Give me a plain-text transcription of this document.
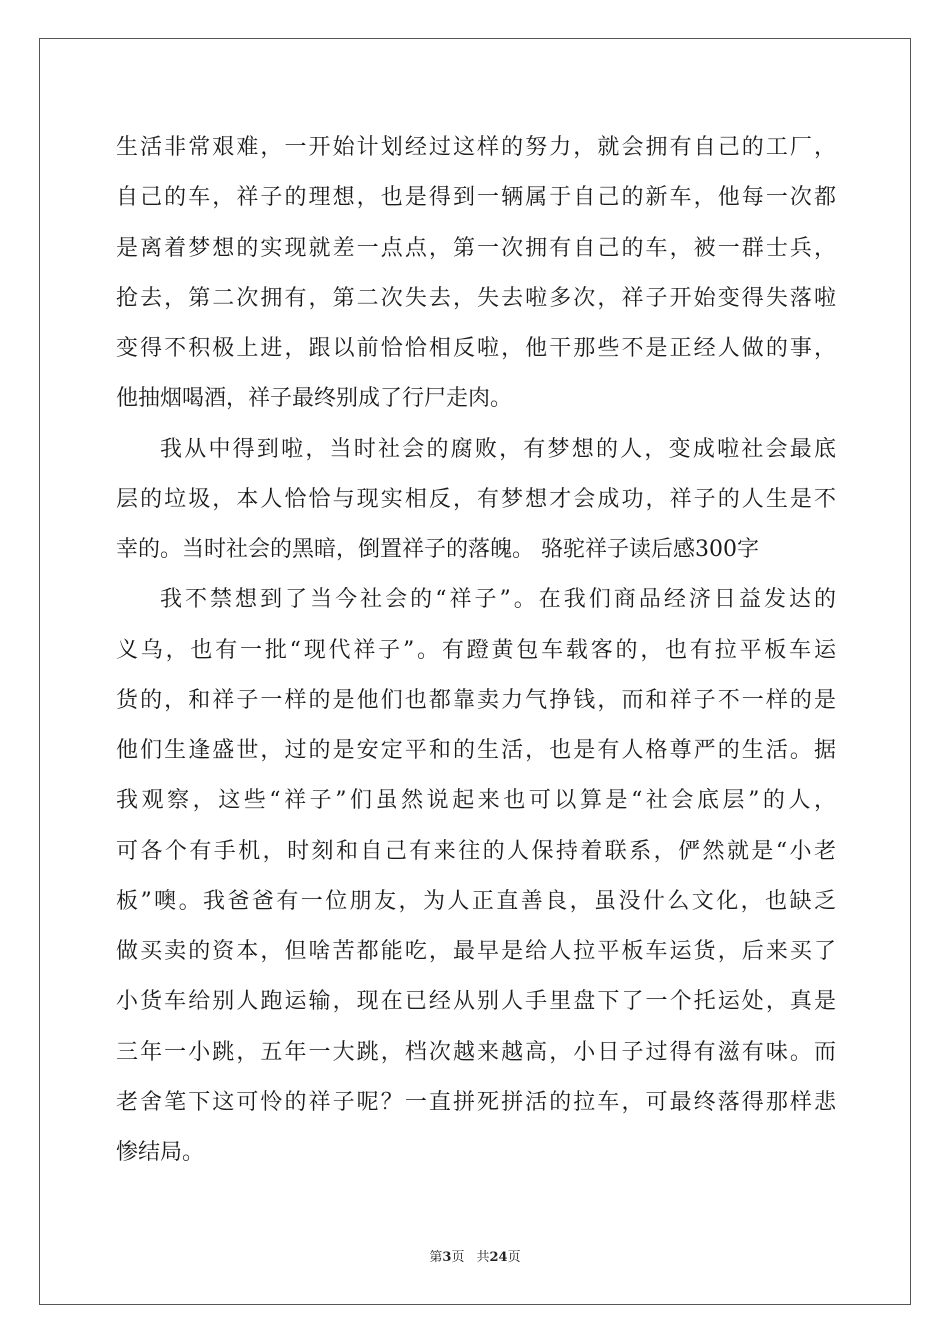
生活非常艰难，一开始计划经过这样的努力，就会拥有自己的工厂，
自己的车，祥子的理想，也是得到一辆属于自己的新车，他每一次都
是离着梦想的实现就差一点点，第一次拥有自己的车，被一群士兵，
抢去，第二次拥有，第二次失去，失去啦多次，祥子开始变得失落啦
变得不积极上进，跟以前恰恰相反啦，他干那些不是正经人做的事，
他抽烟喝酒，祥子最终别成了行尸走肉。
我从中得到啦，当时社会的腐败，有梦想的人，变成啦社会最底
层的垃圾，本人恰恰与现实相反，有梦想才会成功，祥子的人生是不
幸的。当时社会的黑暗，倒置祥子的落魄。 骆驼祥子读后感300字
我不禁想到了当今社会的“祥子”。在我们商品经济日益发达的
义乌，也有一批“现代祥子”。有蹬黄包车载客的，也有拉平板车运
货的，和祥子一样的是他们也都靠卖力气挣钱，而和祥子不一样的是
他们生逢盛世，过的是安定平和的生活，也是有人格尊严的生活。据
我观察，这些“祥子”们虽然说起来也可以算是“社会底层”的人，
可各个有手机，时刻和自己有来往的人保持着联系，俨然就是“小老
板”噢。我爸爸有一位朋友，为人正直善良，虽没什么文化，也缺乏
做买卖的资本，但啥苦都能吃，最早是给人拉平板车运货，后来买了
小货车给别人跑运输，现在已经从别人手里盘下了一个托运处，真是
三年一小跳，五年一大跳，档次越来越高，小日子过得有滋有味。而
老舍笔下这可怜的祥子呢？一直拼死拼活的拉车，可最终落得那样悲
惨结局。
第3页 共24页
